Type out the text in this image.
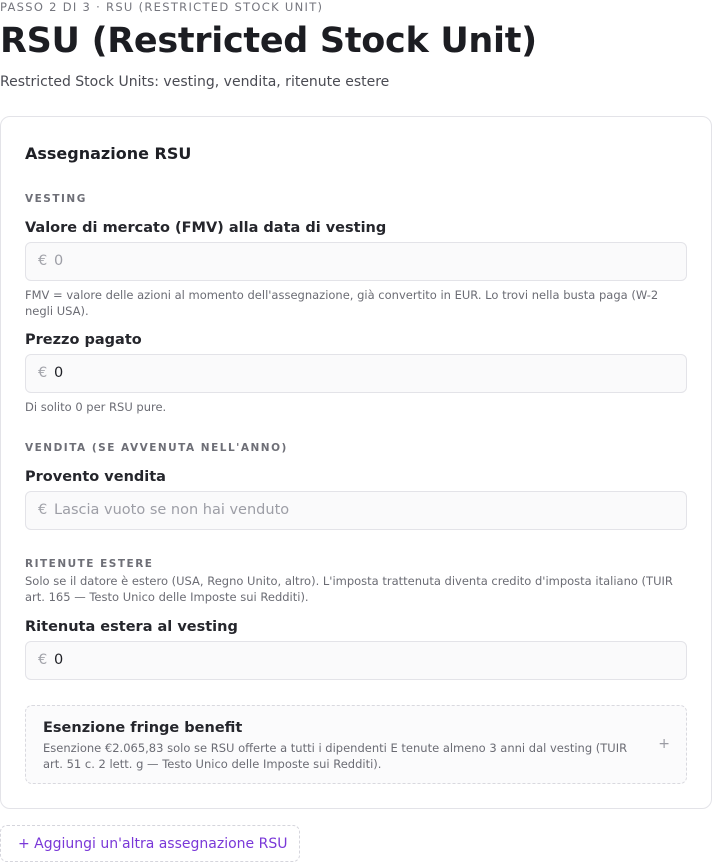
PASSO 2 DI 3 · RSU (RESTRICTED STOCK UNIT)
RSU (Restricted Stock Unit)
Restricted Stock Units: vesting, vendita, ritenute estere
Assegnazione RSU
VESTING
Valore di mercato (FMV) alla data di vesting
€ 0
FMV = valore delle azioni al momento dell'assegnazione, già convertito in EUR. Lo trovi nella busta paga (W-2 negli USA).
Prezzo pagato
€ 0
Di solito 0 per RSU pure.
VENDITA (SE AVVENUTA NELL'ANNO)
Provento vendita
€ Lascia vuoto se non hai venduto
RITENUTE ESTERE
Solo se il datore è estero (USA, Regno Unito, altro). L'imposta trattenuta diventa credito d'imposta italiano (TUIR art. 165 — Testo Unico delle Imposte sui Redditi).
Ritenuta estera al vesting
€ 0
Esenzione fringe benefit
Esenzione €2.065,83 solo se RSU offerte a tutti i dipendenti E tenute almeno 3 anni dal vesting (TUIR art. 51 c. 2 lett. g — Testo Unico delle Imposte sui Redditi).
+
+ Aggiungi un'altra assegnazione RSU
